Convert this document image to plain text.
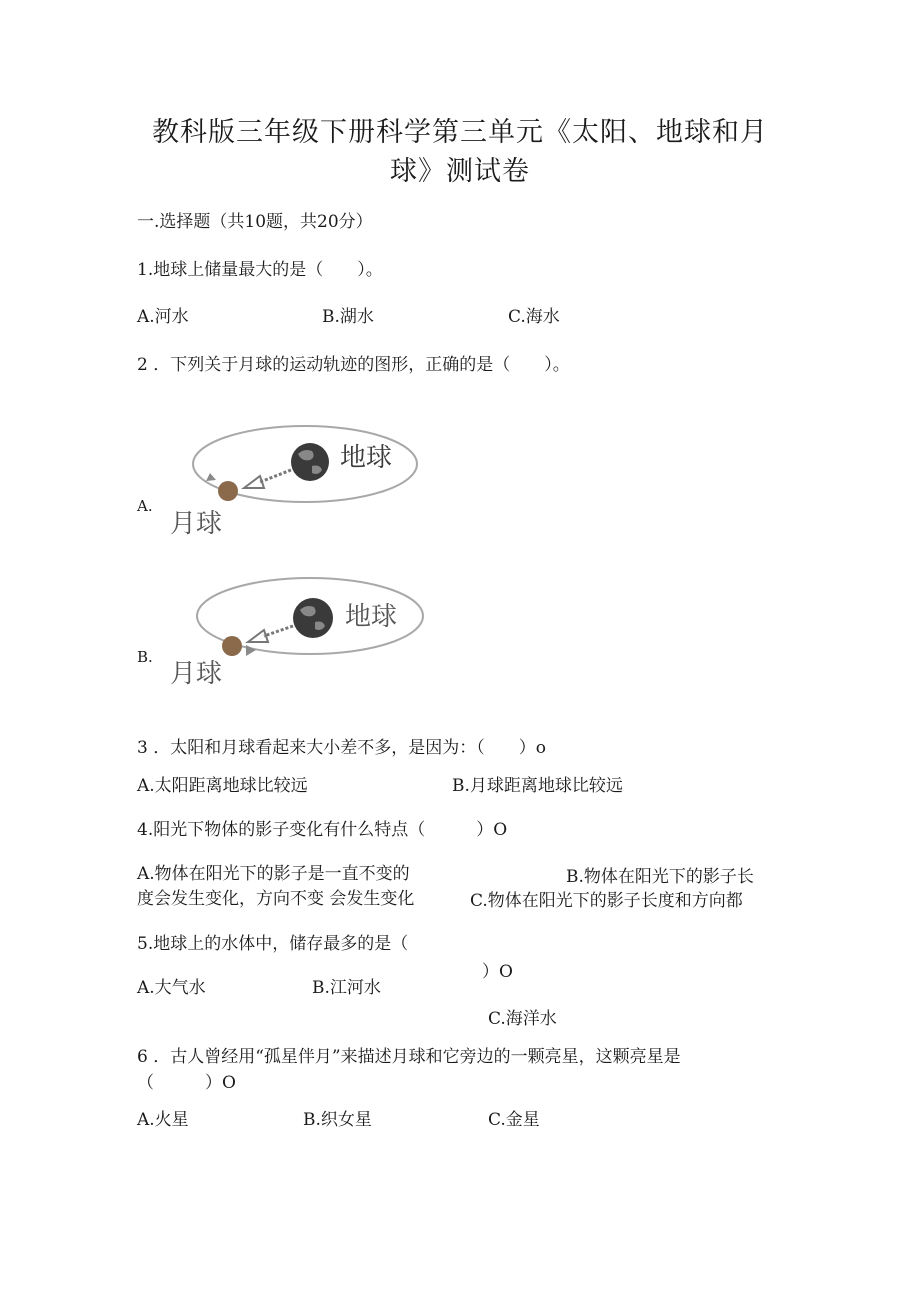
教科版三年级下册科学第三单元《太阳、地球和月
球》测试卷
一.选择题（共10题，共20分）
1.地球上储量最大的是（　　）。
A.河水	B.湖水	C.海水
2 ．下列关于月球的运动轨迹的图形，正确的是（　　）。
A.
地球
月球
B.
地球
月球
3 ．太阳和月球看起来大小差不多，是因为：（　　）o
A.太阳距离地球比较远	B.月球距离地球比较远
4.阳光下物体的影子变化有什么特点（　　　）O
A.物体在阳光下的影子是一直不变的	B.物体在阳光下的影子长
度会发生变化，方向不变 会发生变化	C.物体在阳光下的影子长度和方向都
5.地球上的水体中，储存最多的是（
）O
A.大气水	B.江河水
C.海洋水
6 ．古人曾经用“孤星伴月”来描述月球和它旁边的一颗亮星，这颗亮星是
（　　　）O
A.火星	B.织女星	C.金星
